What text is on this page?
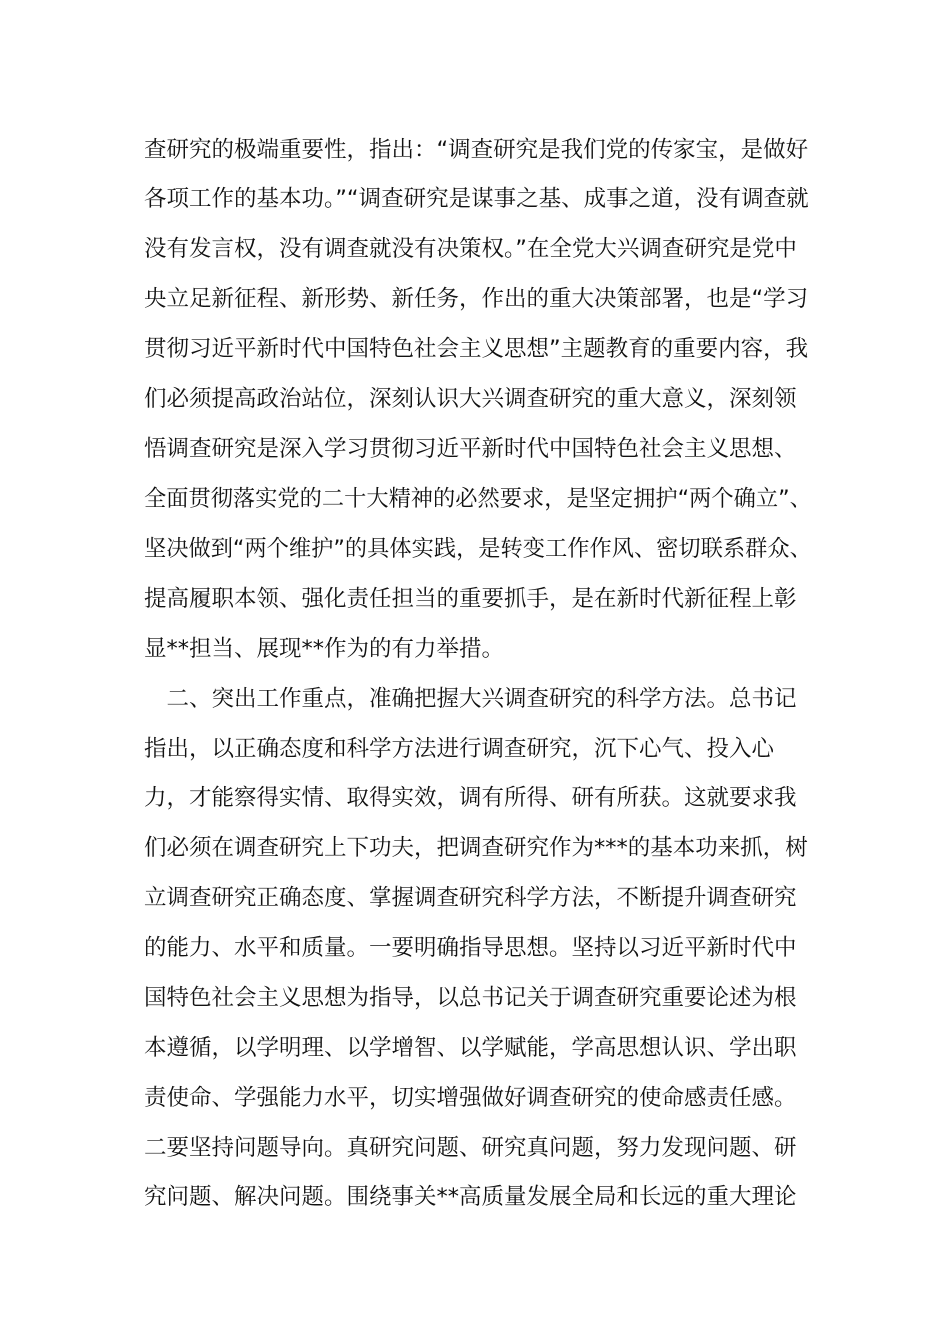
查研究的极端重要性，指出：“调查研究是我们党的传家宝，是做好
各项工作的基本功。”“调查研究是谋事之基、成事之道，没有调查就
没有发言权，没有调查就没有决策权。”在全党大兴调查研究是党中
央立足新征程、新形势、新任务，作出的重大决策部署，也是“学习
贯彻习近平新时代中国特色社会主义思想”主题教育的重要内容，我
们必须提高政治站位，深刻认识大兴调查研究的重大意义，深刻领
悟调查研究是深入学习贯彻习近平新时代中国特色社会主义思想、
全面贯彻落实党的二十大精神的必然要求，是坚定拥护“两个确立”、
坚决做到“两个维护”的具体实践，是转变工作作风、密切联系群众、
提高履职本领、强化责任担当的重要抓手，是在新时代新征程上彰
显**担当、展现**作为的有力举措。
　二、突出工作重点，准确把握大兴调查研究的科学方法。总书记
指出，以正确态度和科学方法进行调查研究，沉下心气、投入心
力，才能察得实情、取得实效，调有所得、研有所获。这就要求我
们必须在调查研究上下功夫，把调查研究作为***的基本功来抓，树
立调查研究正确态度、掌握调查研究科学方法，不断提升调查研究
的能力、水平和质量。一要明确指导思想。坚持以习近平新时代中
国特色社会主义思想为指导，以总书记关于调查研究重要论述为根
本遵循，以学明理、以学增智、以学赋能，学高思想认识、学出职
责使命、学强能力水平，切实增强做好调查研究的使命感责任感。
二要坚持问题导向。真研究问题、研究真问题，努力发现问题、研
究问题、解决问题。围绕事关**高质量发展全局和长远的重大理论
